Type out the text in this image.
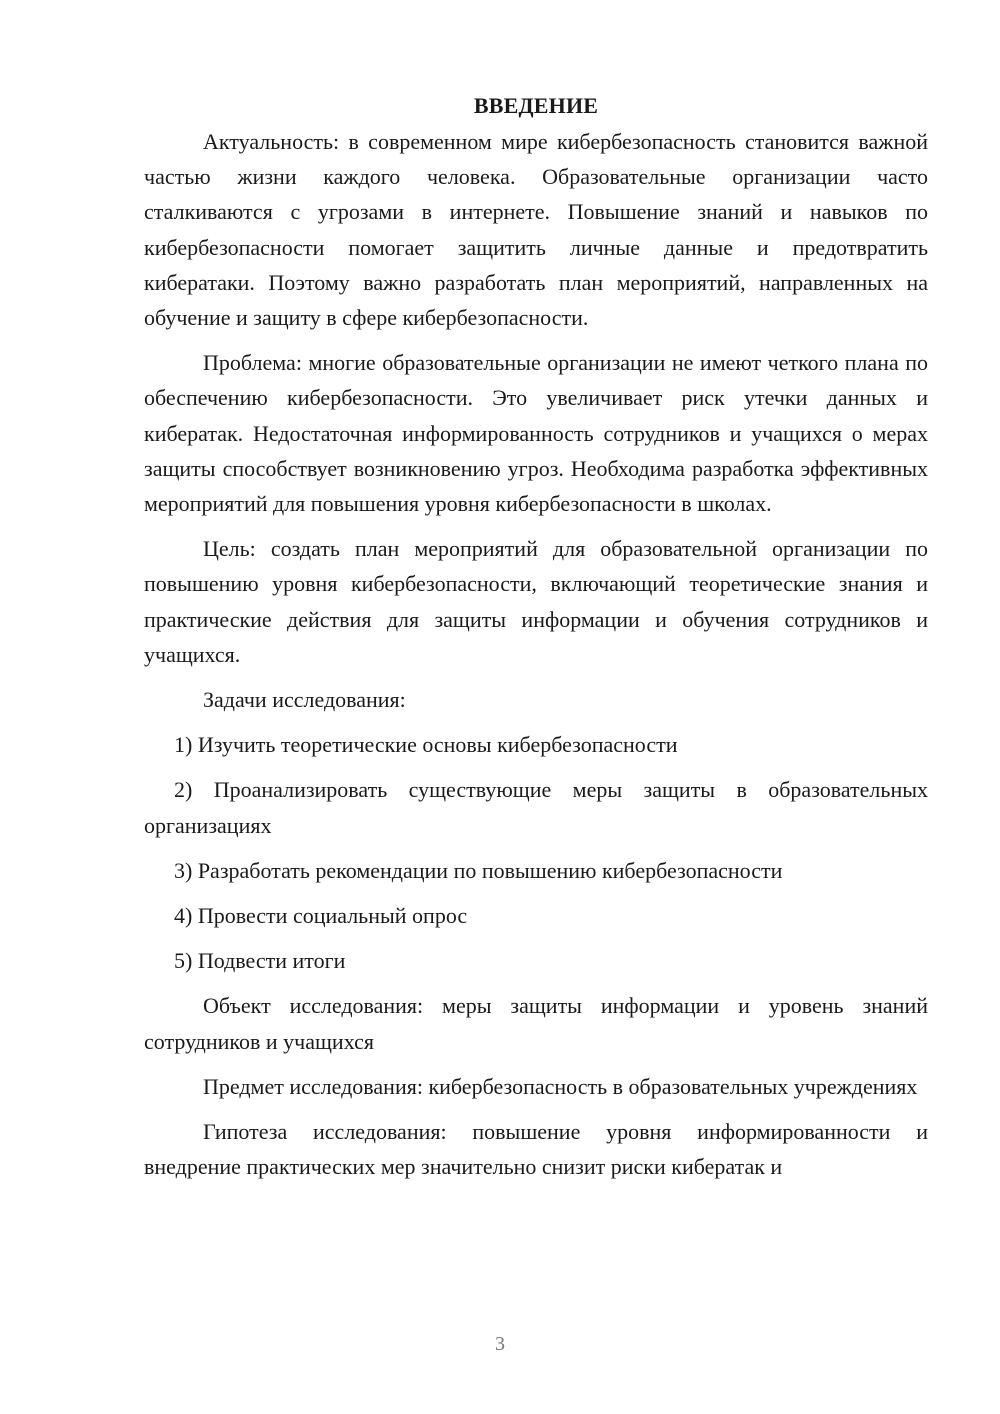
ВВЕДЕНИЕ

Актуальность: в современном мире кибербезопасность становится важной частью жизни каждого человека. Образовательные организации часто сталкиваются с угрозами в интернете. Повышение знаний и навыков по кибербезопасности помогает защитить личные данные и предотвратить кибератаки. Поэтому важно разработать план мероприятий, направленных на обучение и защиту в сфере кибербезопасности.

Проблема: многие образовательные организации не имеют четкого плана по обеспечению кибербезопасности. Это увеличивает риск утечки данных и кибератак. Недостаточная информированность сотрудников и учащихся о мерах защиты способствует возникновению угроз. Необходима разработка эффективных мероприятий для повышения уровня кибербезопасности в школах.

Цель: создать план мероприятий для образовательной организации по повышению уровня кибербезопасности, включающий теоретические знания и практические действия для защиты информации и обучения сотрудников и учащихся.

Задачи исследования:

1) Изучить теоретические основы кибербезопасности

2) Проанализировать существующие меры защиты в образовательных организациях

3) Разработать рекомендации по повышению кибербезопасности

4) Провести социальный опрос

5) Подвести итоги

Объект исследования: меры защиты информации и уровень знаний сотрудников и учащихся

Предмет исследования: кибербезопасность в образовательных учреждениях

Гипотеза исследования: повышение уровня информированности и внедрение практических мер значительно снизит риски кибератак и

3
